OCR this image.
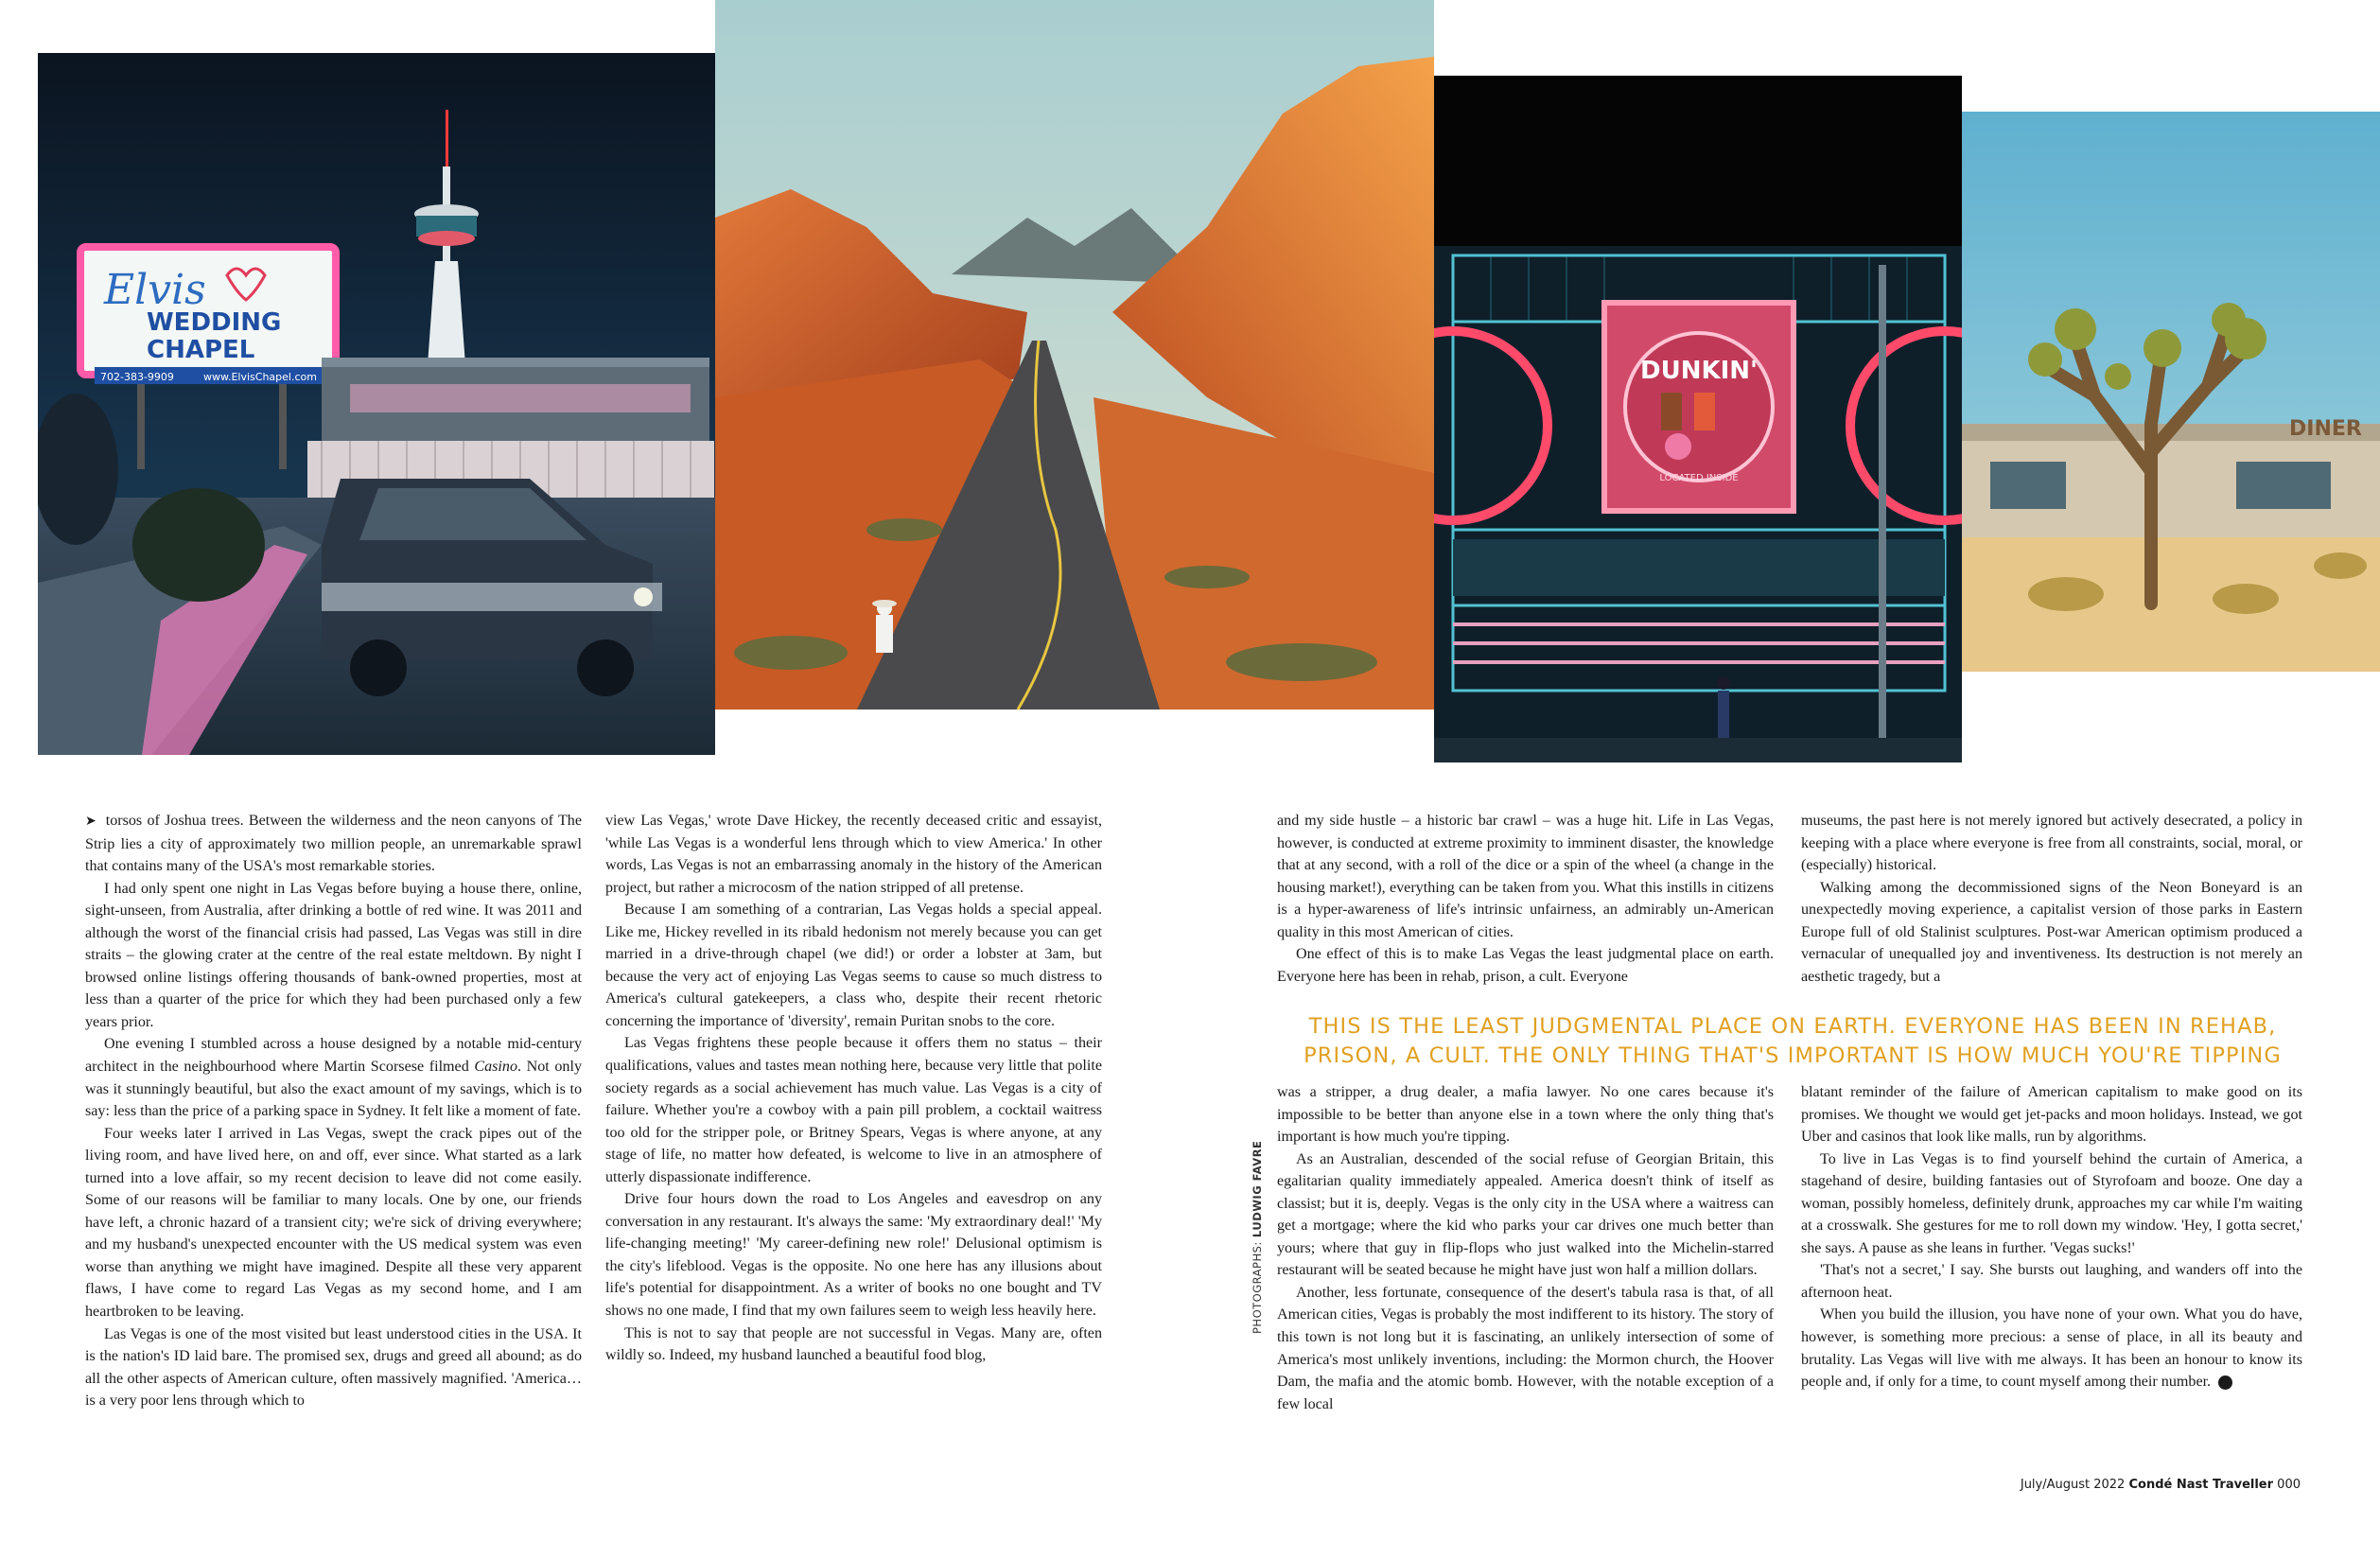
Elvis
WEDDING
CHAPEL
702-383-9909	www.ElvisChapel.com	DUNKIN'
LOCATED INSIDE
DINER

➤ torsos of Joshua trees. Between the wilderness and the neon canyons of The Strip lies a city of approximately two million people, an unremarkable sprawl that contains many of the USA's most remarkable stories.

I had only spent one night in Las Vegas before buying a house there, online, sight-unseen, from Australia, after drinking a bottle of red wine. It was 2011 and although the worst of the financial crisis had passed, Las Vegas was still in dire straits – the glowing crater at the centre of the real estate meltdown. By night I browsed online listings offering thousands of bank-owned properties, most at less than a quarter of the price for which they had been purchased only a few years prior.

One evening I stumbled across a house designed by a notable mid-century architect in the neighbourhood where Martin Scorsese filmed Casino. Not only was it stunningly beautiful, but also the exact amount of my savings, which is to say: less than the price of a parking space in Sydney. It felt like a moment of fate.

Four weeks later I arrived in Las Vegas, swept the crack pipes out of the living room, and have lived here, on and off, ever since. What started as a lark turned into a love affair, so my recent decision to leave did not come easily. Some of our reasons will be familiar to many locals. One by one, our friends have left, a chronic hazard of a transient city; we're sick of driving everywhere; and my husband's unexpected encounter with the US medical system was even worse than anything we might have imagined. Despite all these very apparent flaws, I have come to regard Las Vegas as my second home, and I am heartbroken to be leaving.

Las Vegas is one of the most visited but least understood cities in the USA. It is the nation's ID laid bare. The promised sex, drugs and greed all abound; as do all the other aspects of American culture, often massively magnified. 'America… is a very poor lens through which to

view Las Vegas,' wrote Dave Hickey, the recently deceased critic and essayist, 'while Las Vegas is a wonderful lens through which to view America.' In other words, Las Vegas is not an embarrassing anomaly in the history of the American project, but rather a microcosm of the nation stripped of all pretense.

Because I am something of a contrarian, Las Vegas holds a special appeal. Like me, Hickey revelled in its ribald hedonism not merely because you can get married in a drive-through chapel (we did!) or order a lobster at 3am, but because the very act of enjoying Las Vegas seems to cause so much distress to America's cultural gatekeepers, a class who, despite their recent rhetoric concerning the importance of 'diversity', remain Puritan snobs to the core.

Las Vegas frightens these people because it offers them no status – their qualifications, values and tastes mean nothing here, because very little that polite society regards as a social achievement has much value. Las Vegas is a city of failure. Whether you're a cowboy with a pain pill problem, a cocktail waitress too old for the stripper pole, or Britney Spears, Vegas is where anyone, at any stage of life, no matter how defeated, is welcome to live in an atmosphere of utterly dispassionate indifference.

Drive four hours down the road to Los Angeles and eavesdrop on any conversation in any restaurant. It's always the same: 'My extraordinary deal!' 'My life-changing meeting!' 'My career-defining new role!' Delusional optimism is the city's lifeblood. Vegas is the opposite. No one here has any illusions about life's potential for disappointment. As a writer of books no one bought and TV shows no one made, I find that my own failures seem to weigh less heavily here.

This is not to say that people are not successful in Vegas. Many are, often wildly so. Indeed, my husband launched a beautiful food blog,

and my side hustle – a historic bar crawl – was a huge hit. Life in Las Vegas, however, is conducted at extreme proximity to imminent disaster, the knowledge that at any second, with a roll of the dice or a spin of the wheel (a change in the housing market!), everything can be taken from you. What this instills in citizens is a hyper-awareness of life's intrinsic unfairness, an admirably un-American quality in this most American of cities.

One effect of this is to make Las Vegas the least judgmental place on earth. Everyone here has been in rehab, prison, a cult. Everyone

museums, the past here is not merely ignored but actively desecrated, a policy in keeping with a place where everyone is free from all constraints, social, moral, or (especially) historical.

Walking among the decommissioned signs of the Neon Boneyard is an unexpectedly moving experience, a capitalist version of those parks in Eastern Europe full of old Stalinist sculptures. Post-war American optimism produced a vernacular of unequalled joy and inventiveness. Its destruction is not merely an aesthetic tragedy, but a

THIS IS THE LEAST JUDGMENTAL PLACE ON EARTH. EVERYONE HAS BEEN IN REHAB,
PRISON, A CULT. THE ONLY THING THAT'S IMPORTANT IS HOW MUCH YOU'RE TIPPING

was a stripper, a drug dealer, a mafia lawyer. No one cares because it's impossible to be better than anyone else in a town where the only thing that's important is how much you're tipping.

As an Australian, descended of the social refuse of Georgian Britain, this egalitarian quality immediately appealed. America doesn't think of itself as classist; but it is, deeply. Vegas is the only city in the USA where a waitress can get a mortgage; where the kid who parks your car drives one much better than yours; where that guy in flip-flops who just walked into the Michelin-starred restaurant will be seated because he might have just won half a million dollars.

Another, less fortunate, consequence of the desert's tabula rasa is that, of all American cities, Vegas is probably the most indifferent to its history. The story of this town is not long but it is fascinating, an unlikely intersection of some of America's most unlikely inventions, including: the Mormon church, the Hoover Dam, the mafia and the atomic bomb. However, with the notable exception of a few local

blatant reminder of the failure of American capitalism to make good on its promises. We thought we would get jet-packs and moon holidays. Instead, we got Uber and casinos that look like malls, run by algorithms.

To live in Las Vegas is to find yourself behind the curtain of America, a stagehand of desire, building fantasies out of Styrofoam and booze. One day a woman, possibly homeless, definitely drunk, approaches my car while I'm waiting at a crosswalk. She gestures for me to roll down my window. 'Hey, I gotta secret,' she says. A pause as she leans in further. 'Vegas sucks!'

'That's not a secret,' I say. She bursts out laughing, and wanders off into the afternoon heat.

When you build the illusion, you have none of your own. What you do have, however, is something more precious: a sense of place, in all its beauty and brutality. Las Vegas will live with me always. It has been an honour to know its people and, if only for a time, to count myself among their number.	T

PHOTOGRAPHS: LUDWIG FAVRE
July/August 2022 Condé Nast Traveller 000
